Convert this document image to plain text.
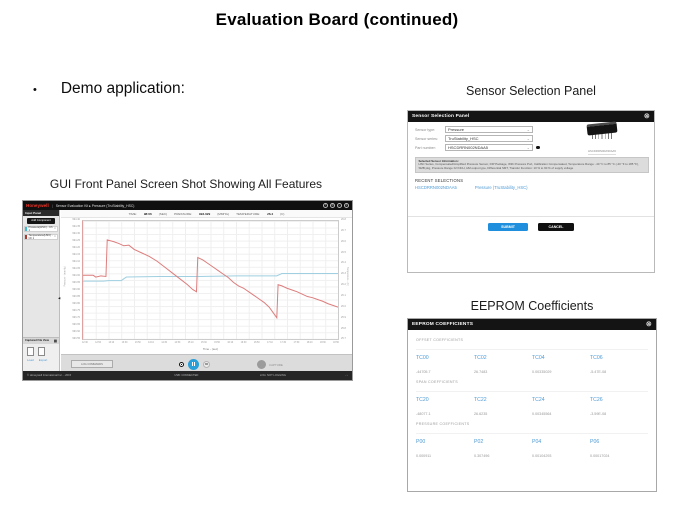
Evaluation Board (continued)
• Demo application:	Sensor Selection Panel
GUI Front Panel Screen Shot Showing All Features
EEPROM Coefficients
Sensor Selection Panel	⊗
Sensor type:	Pressure	⌄
Sensor series:	TruStability_HSC	⌄
Part number:	HSCDRRN002NDAA5	⌄
HSCDRRN002NDAA5
Selected Sensor Information:
HSC Series, Compensated/Amplified Pressure Sensor, DIP Package, With Pressure Port, Calibration Compensated, Temperature Range: -40 °C to 85 °C (-40 °F to 185 °F), SMB pkg, Pressure Range ±2 INCH, HM output type, Differential SMT, Transfer Function: 10 % to 90 % of supply voltage
RECENT SELECTIONS
HSCDRRN002NDAA5	Pressure (TruStability_HSC)
SUBMIT	CANCEL
Honeywell | Sensor Evaluation Kit ▸ Pressure (TruStability_HSC)	?	⚙	–	✕
Input Panel
Add Component
Pressure(HSC) - Ch 1	✕
Temperature(HSC) - Ch 1	✕
Captured File View ▦
Load Export
◀
TIME: 98:06 (SEC) PRESSURE: 994.029 (MMHG) TEMPERATURE: 26.4 (C)
Pressure - (mmHg)
994.40
994.35
994.30
994.25
994.20
994.15
994.10
994.05
994.00
993.95
993.90
993.85
993.80
993.75
993.70
993.65
993.60
993.55
26.8
26.7
26.6
26.5
26.4
26.3
26.2
26.1
26.0
25.9
25.8
25.7
Temperature - (C)
12:30	12:50	13:10	13:30	13:50	14:10	14:30	14:50	15:10	15:30	15:50	16:10	16:30	16:50	17:10	17:30	17:50	18:10	18:30	18:50
Time - (sec)
LOG COMMANDS	CAPTURE
© Honeywell International Inc. - 2015	USB: CONNECTED	LOG: NOT LOGGING	‹ ›
EEPROM COEFFICIENTS	⊗
OFFSET COEFFICIENTS
TC00	TC02	TC04	TC06
-44705.7	26.7483	0.00335029	-5.47E-08
SPAN COEFFICIENTS
TC20	TC22	TC24	TC26
-48077.1	26.6235	0.00345564	-3.59E-08
PRESSURE COEFFICIENTS
P00	P02	P04	P06
0.000911	0.307496	0.00104293	0.00017024
